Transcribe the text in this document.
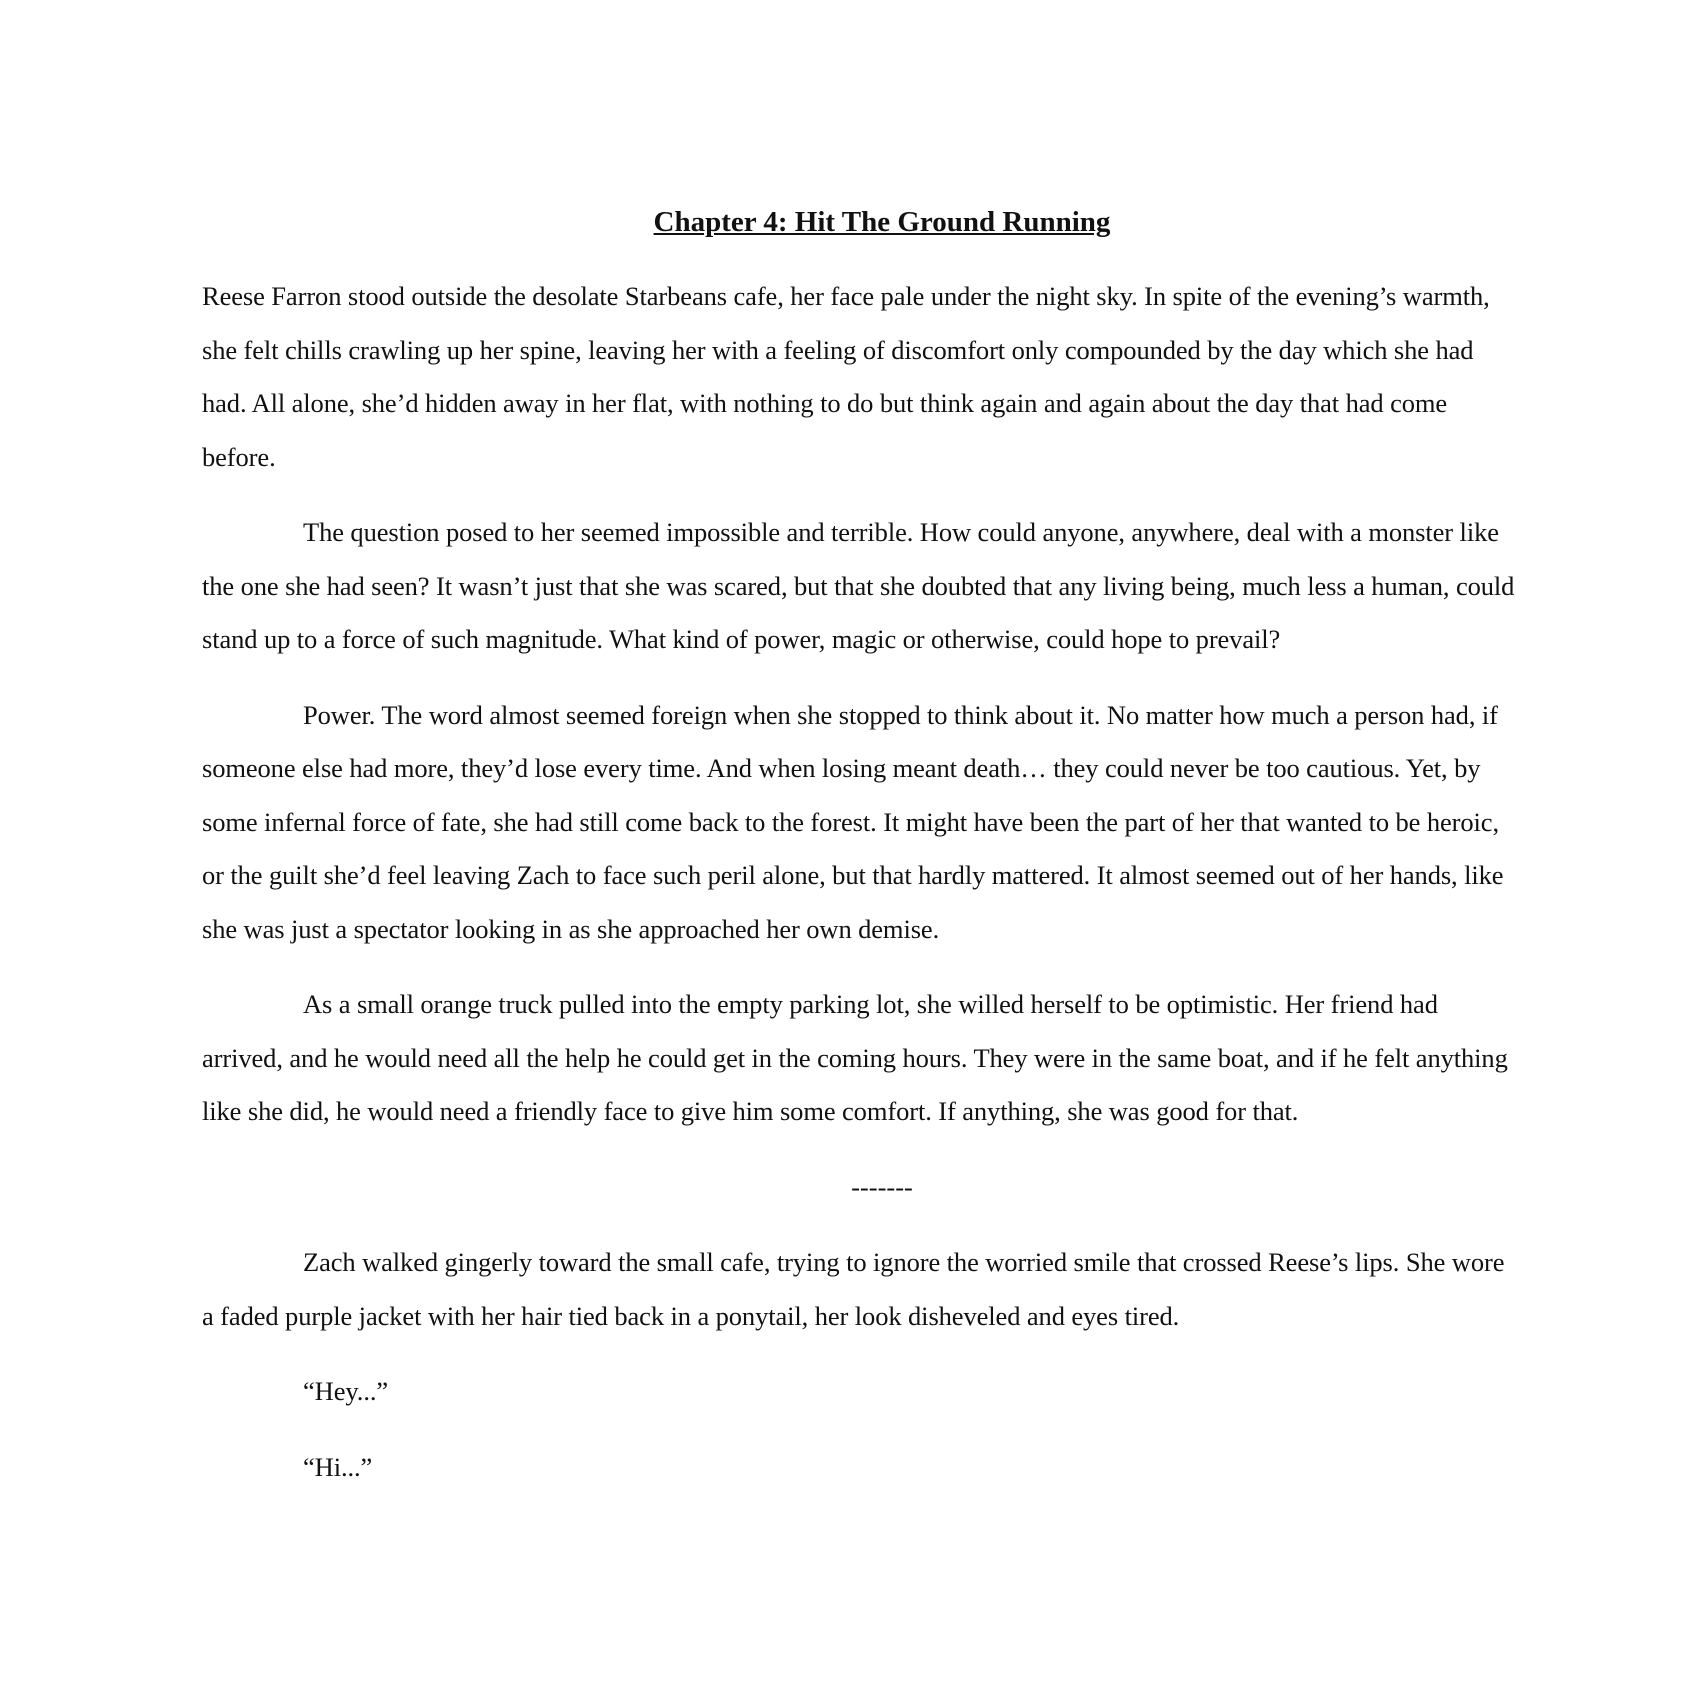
Chapter 4: Hit The Ground Running

Reese Farron stood outside the desolate Starbeans cafe, her face pale under the night sky. In spite of the evening’s warmth, she felt chills crawling up her spine, leaving her with a feeling of discomfort only compounded by the day which she had had. All alone, she’d hidden away in her flat, with nothing to do but think again and again about the day that had come before.

The question posed to her seemed impossible and terrible. How could anyone, anywhere, deal with a monster like the one she had seen? It wasn’t just that she was scared, but that she doubted that any living being, much less a human, could stand up to a force of such magnitude. What kind of power, magic or otherwise, could hope to prevail?

Power. The word almost seemed foreign when she stopped to think about it. No matter how much a person had, if someone else had more, they’d lose every time. And when losing meant death… they could never be too cautious. Yet, by some infernal force of fate, she had still come back to the forest. It might have been the part of her that wanted to be heroic, or the guilt she’d feel leaving Zach to face such peril alone, but that hardly mattered. It almost seemed out of her hands, like she was just a spectator looking in as she approached her own demise.

As a small orange truck pulled into the empty parking lot, she willed herself to be optimistic. Her friend had arrived, and he would need all the help he could get in the coming hours. They were in the same boat, and if he felt anything like she did, he would need a friendly face to give him some comfort. If anything, she was good for that.

-------

Zach walked gingerly toward the small cafe, trying to ignore the worried smile that crossed Reese’s lips. She wore a faded purple jacket with her hair tied back in a ponytail, her look disheveled and eyes tired.

“Hey...”

“Hi...”
